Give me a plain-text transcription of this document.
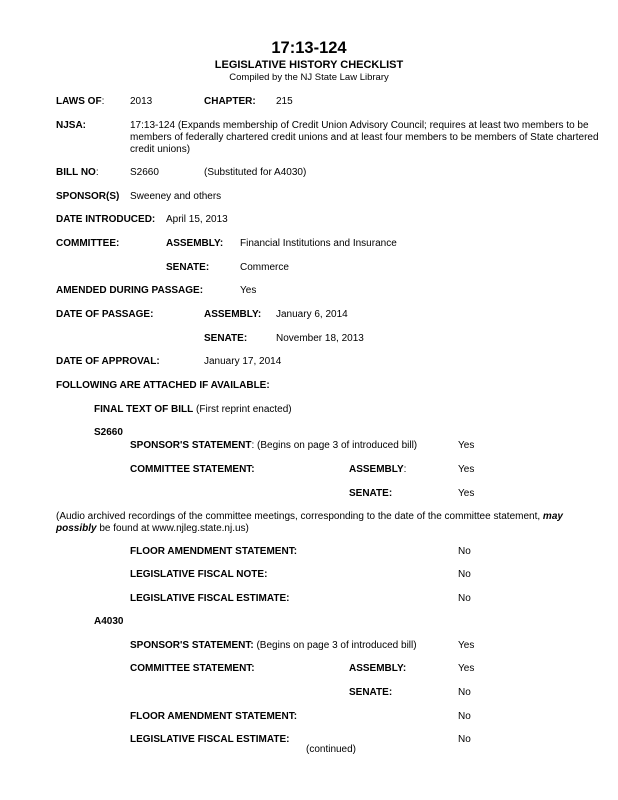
17:13-124
LEGISLATIVE HISTORY CHECKLIST
Compiled by the NJ State Law Library
LAWS OF:	2013	CHAPTER: 215
NJSA:	17:13-124 (Expands membership of Credit Union Advisory Council; requires at least two members to be members of federally chartered credit unions and at least four members to be members of State chartered credit unions)
BILL NO:	S2660	(Substituted for A4030)
SPONSOR(S) Sweeney and others
DATE INTRODUCED: April 15, 2013
COMMITTEE:	ASSEMBLY: Financial Institutions and Insurance
SENATE:	Commerce
AMENDED DURING PASSAGE:	Yes
DATE OF PASSAGE:	ASSEMBLY: January 6, 2014
SENATE:	November 18, 2013
DATE OF APPROVAL:	January 17, 2014
FOLLOWING ARE ATTACHED IF AVAILABLE:
FINAL TEXT OF BILL (First reprint enacted)
S2660
SPONSOR'S STATEMENT: (Begins on page 3 of introduced bill)	Yes
COMMITTEE STATEMENT:	ASSEMBLY:	Yes
SENATE:	Yes
(Audio archived recordings of the committee meetings, corresponding to the date of the committee statement, may possibly be found at www.njleg.state.nj.us)
FLOOR AMENDMENT STATEMENT:	No
LEGISLATIVE FISCAL NOTE:	No
LEGISLATIVE FISCAL ESTIMATE:	No
A4030
SPONSOR'S STATEMENT: (Begins on page 3 of introduced bill)	Yes
COMMITTEE STATEMENT:	ASSEMBLY:	Yes
SENATE:	No
FLOOR AMENDMENT STATEMENT:	No
LEGISLATIVE FISCAL ESTIMATE:	No
(continued)
